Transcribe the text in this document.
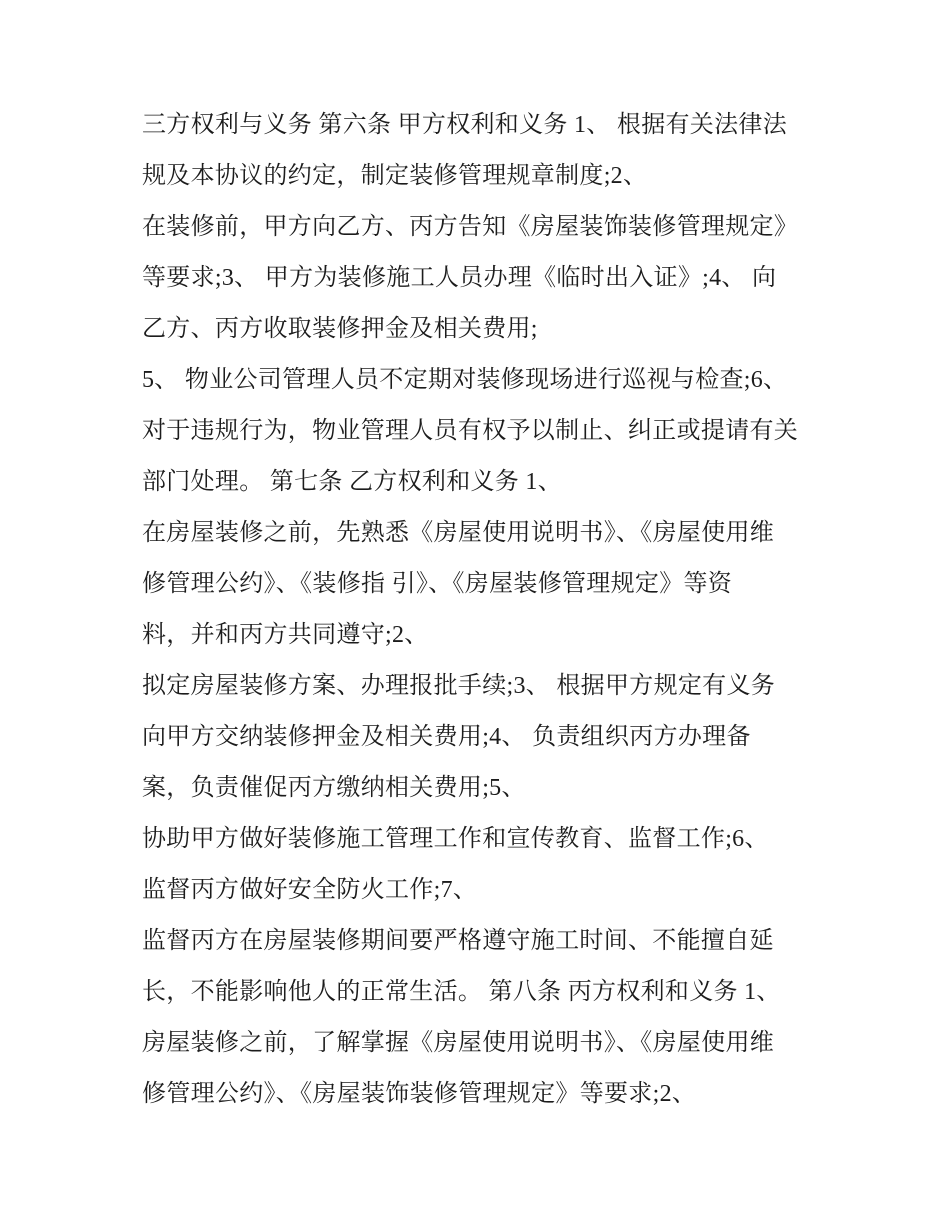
三方权利与义务 第六条 甲方权利和义务 1、 根据有关法律法

规及本协议的约定，制定装修管理规章制度;2、

在装修前，甲方向乙方、丙方告知《房屋装饰装修管理规定》

等要求;3、 甲方为装修施工人员办理《临时出入证》;4、 向

乙方、丙方收取装修押金及相关费用;

5、 物业公司管理人员不定期对装修现场进行巡视与检查;6、

对于违规行为，物业管理人员有权予以制止、纠正或提请有关

部门处理。 第七条 乙方权利和义务 1、

在房屋装修之前，先熟悉《房屋使用说明书》、《房屋使用维

修管理公约》、《装修指 引》、《房屋装修管理规定》等资

料，并和丙方共同遵守;2、

拟定房屋装修方案、办理报批手续;3、 根据甲方规定有义务

向甲方交纳装修押金及相关费用;4、 负责组织丙方办理备

案，负责催促丙方缴纳相关费用;5、

协助甲方做好装修施工管理工作和宣传教育、监督工作;6、

监督丙方做好安全防火工作;7、

监督丙方在房屋装修期间要严格遵守施工时间、不能擅自延

长，不能影响他人的正常生活。 第八条 丙方权利和义务 1、

房屋装修之前，了解掌握《房屋使用说明书》、《房屋使用维

修管理公约》、《房屋装饰装修管理规定》等要求;2、
